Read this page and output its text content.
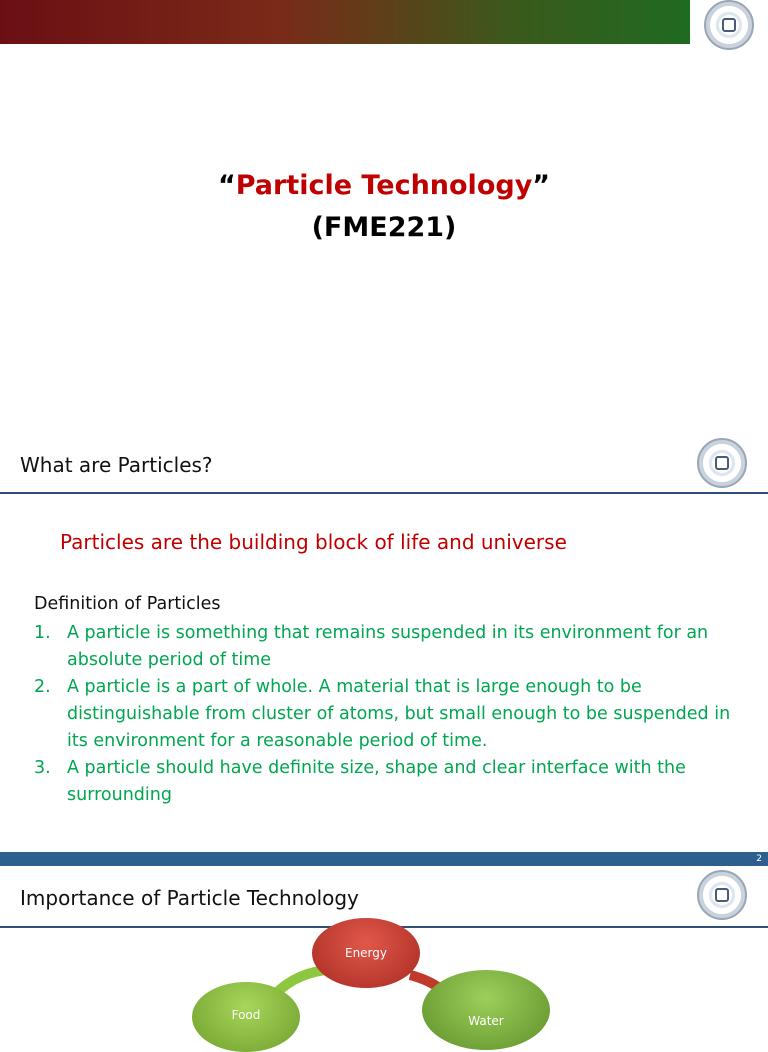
“Particle Technology”
(FME221)
What are Particles?
Particles are the building block of life and universe
Definition of Particles
1. A particle is something that remains suspended in its environment for an absolute period of time
2. A particle is a part of whole. A material that is large enough to be distinguishable from cluster of atoms, but small enough to be suspended in its environment for a reasonable period of time.
3. A particle should have definite size, shape and clear interface with the surrounding
2
Importance of Particle Technology
Energy
Food	Water
